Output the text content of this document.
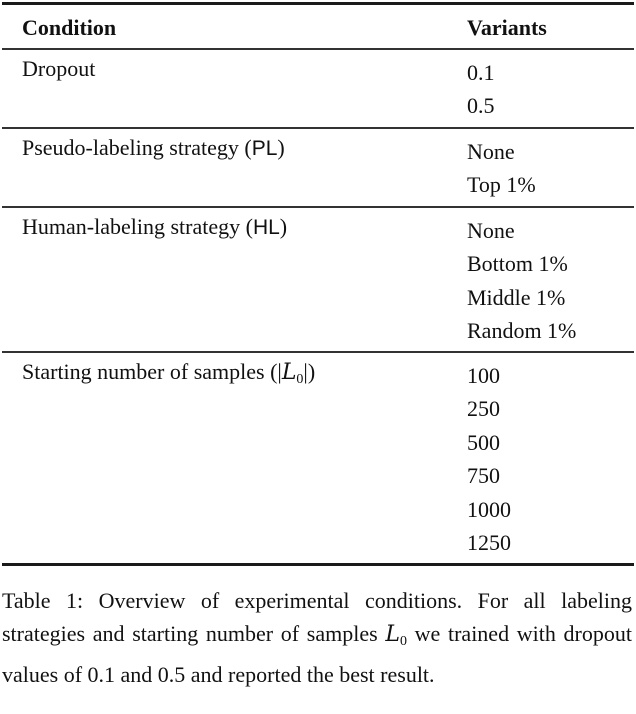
Condition	Variants
Dropout	0.1
0.5
Pseudo-labeling strategy (PL)	None
Top 1%
Human-labeling strategy (HL)	None
Bottom 1%
Middle 1%
Random 1%
Starting number of samples $(|L_0|)$	100
250
500
750
1000
1250
Table 1: Overview of experimental conditions. For all labeling strategies and starting number of samples $L_0$ we trained with dropout values of 0.1 and 0.5 and reported the best result.
